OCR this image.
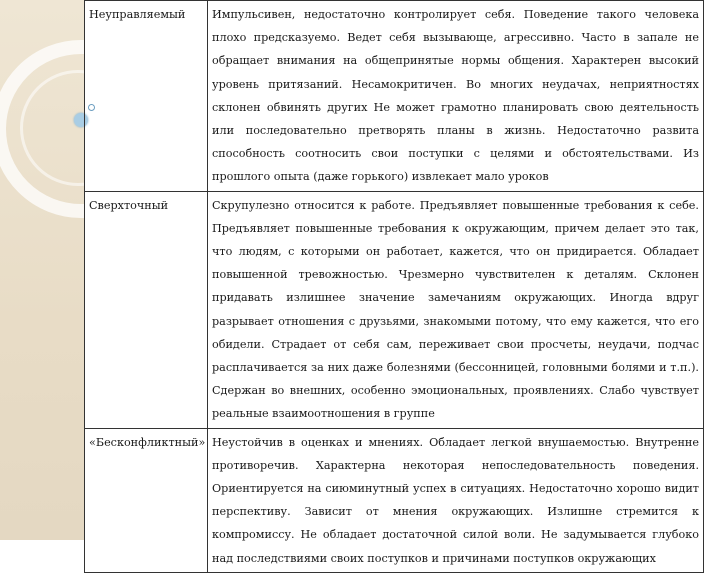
Неуправляемый	Импульсивен, недостаточно контролирует себя. Поведение такого человека плохо предсказуемо. Ведет себя вызывающе, агрессивно. Часто в запале не обращает внимания на общепринятые нормы общения. Характерен высокий уровень притязаний. Несамокритичен. Во многих неудачах, неприятностях склонен обвинять других Не может грамотно планировать свою деятельность или последовательно претворять планы в жизнь. Недостаточно развита способность соотносить свои поступки с целями и обстоятельствами. Из прошлого опыта (даже горького) извлекает мало уроков
Сверхточный	Скрупулезно относится к работе. Предъявляет повышенные требования к себе. Предъявляет повышенные требования к окружающим, причем делает это так, что людям, с которыми он работает, кажется, что он придирается. Обладает повышенной тревожностью. Чрезмерно чувствителен к деталям. Склонен придавать излишнее значение замечаниям окружающих. Иногда вдруг разрывает отношения с друзьями, знакомыми потому, что ему кажется, что его обидели. Страдает от себя сам, переживает свои просчеты, неудачи, подчас расплачивается за них даже болезнями (бессонницей, головными болями и т.п.). Сдержан во внешних, особенно эмоциональных, проявлениях. Слабо чувствует реальные взаимоотношения в группе
«Бесконфликтный»	Неустойчив в оценках и мнениях. Обладает легкой внушаемостью. Внутренне противоречив. Характерна некоторая непоследовательность поведения. Ориентируется на сиюминутный успех в ситуациях. Недостаточно хорошо видит перспективу. Зависит от мнения окружающих. Излишне стремится к компромиссу. Не обладает достаточной силой воли. Не задумывается глубоко над последствиями своих поступков и причинами поступков окружающих
